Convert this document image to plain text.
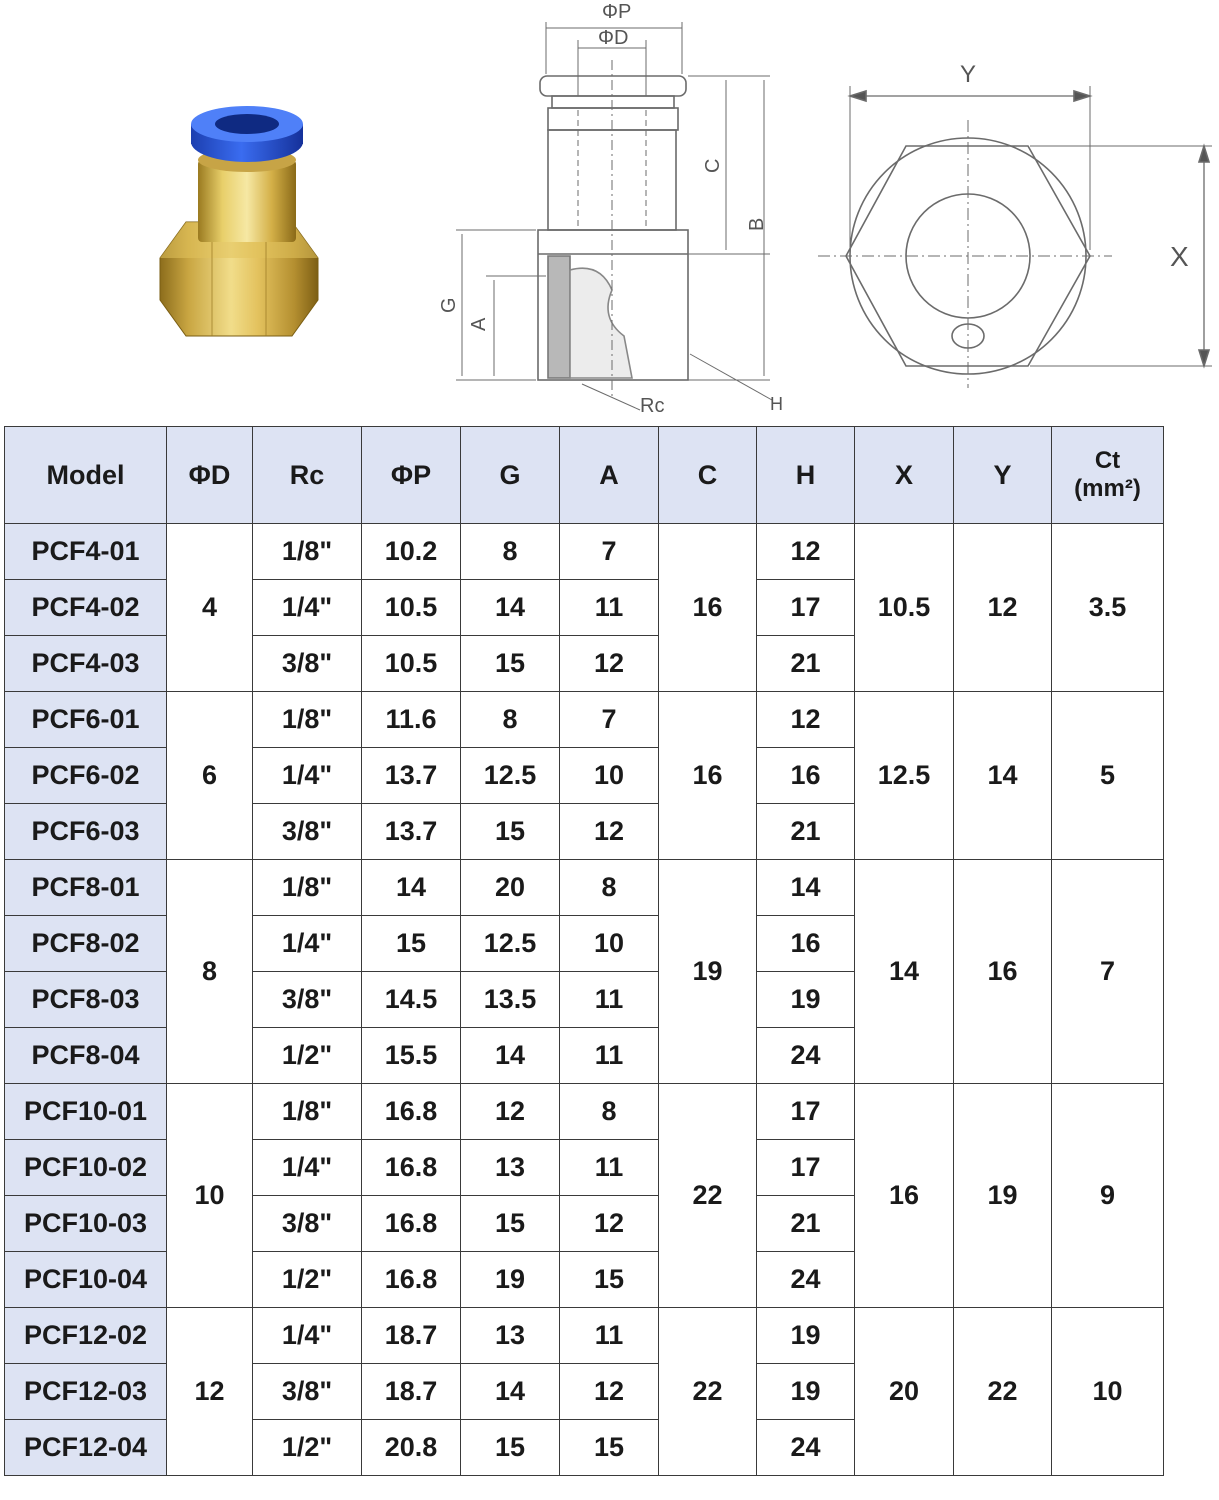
ΦP
ΦD
C
B
G
A
Rc	H
Y
X
Model	ΦD	Rc	ΦP	G	A	C	H	X	Y	Ct
(mm²)

PCF4-01	4	1/8"	10.2	8	7	16	12	10.5	12	3.5
PCF4-02		1/4"	10.5	14	11		17			
PCF4-03		3/8"	10.5	15	12		21			
PCF6-01	6	1/8"	11.6	8	7	16	12	12.5	14	5
PCF6-02		1/4"	13.7	12.5	10		16			
PCF6-03		3/8"	13.7	15	12		21			
PCF8-01	8	1/8"	14	20	8	19	14	14	16	7
PCF8-02		1/4"	15	12.5	10		16			
PCF8-03		3/8"	14.5	13.5	11		19			
PCF8-04		1/2"	15.5	14	11		24			
PCF10-01	10	1/8"	16.8	12	8	22	17	16	19	9
PCF10-02		1/4"	16.8	13	11		17			
PCF10-03		3/8"	16.8	15	12		21			
PCF10-04		1/2"	16.8	19	15		24			
PCF12-02	12	1/4"	18.7	13	11	22	19	20	22	10
PCF12-03		3/8"	18.7	14	12		19			
PCF12-04		1/2"	20.8	15	15		24			
